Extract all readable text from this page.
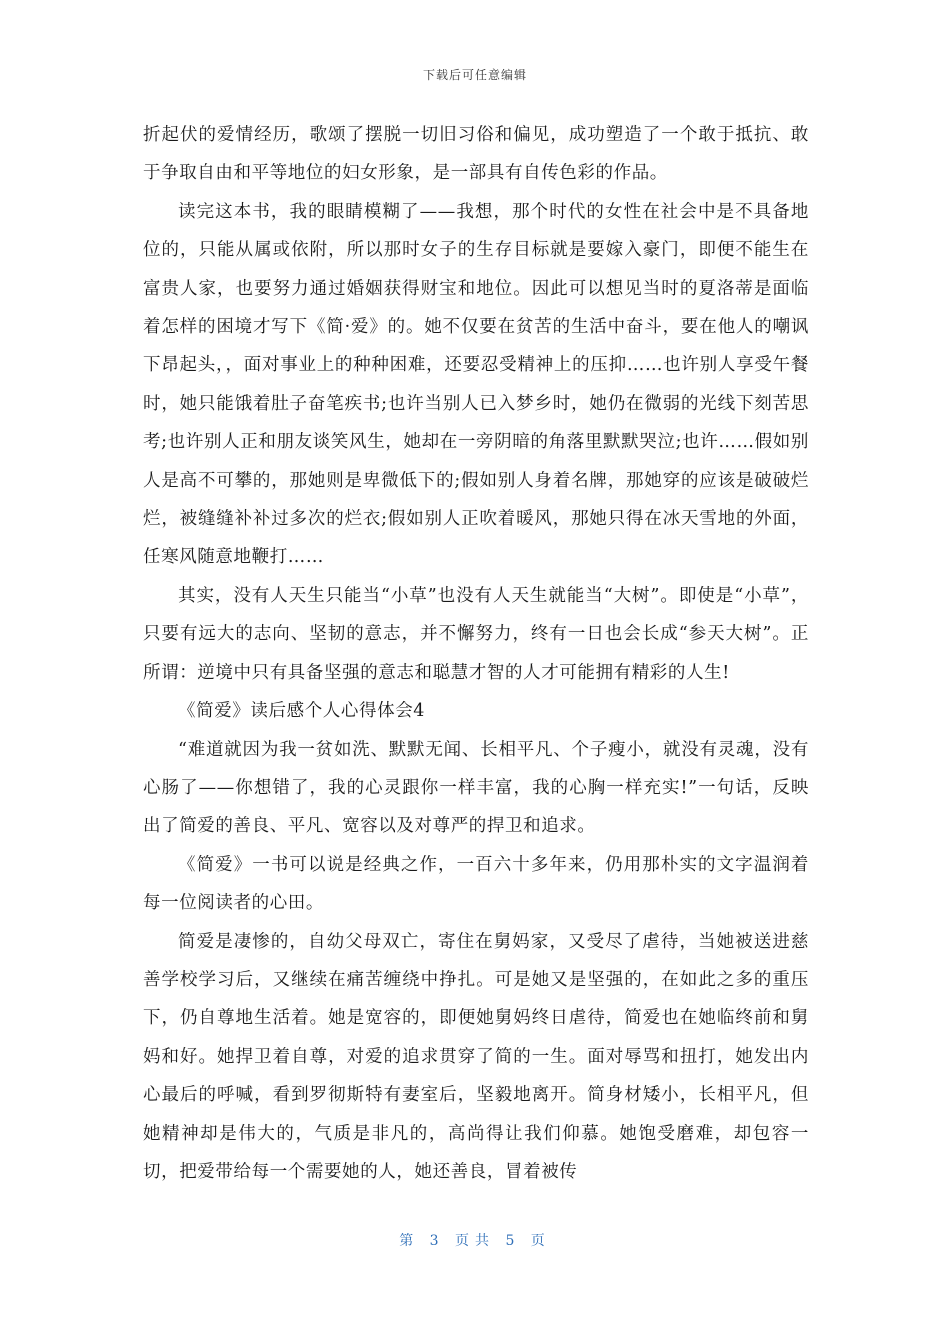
下载后可任意编辑

折起伏的爱情经历，歌颂了摆脱一切旧习俗和偏见，成功塑造了一个敢于抵抗、敢于争取自由和平等地位的妇女形象，是一部具有自传色彩的作品。

读完这本书，我的眼睛模糊了——我想，那个时代的女性在社会中是不具备地位的，只能从属或依附，所以那时女子的生存目标就是要嫁入豪门，即便不能生在富贵人家，也要努力通过婚姻获得财宝和地位。因此可以想见当时的夏洛蒂是面临着怎样的困境才写下《简·爱》的。她不仅要在贫苦的生活中奋斗，要在他人的嘲讽下昂起头，，面对事业上的种种困难，还要忍受精神上的压抑……也许别人享受午餐时，她只能饿着肚子奋笔疾书;也许当别人已入梦乡时，她仍在微弱的光线下刻苦思考;也许别人正和朋友谈笑风生，她却在一旁阴暗的角落里默默哭泣;也许……假如别人是高不可攀的，那她则是卑微低下的;假如别人身着名牌，那她穿的应该是破破烂烂，被缝缝补补过多次的烂衣;假如别人正吹着暖风，那她只得在冰天雪地的外面，任寒风随意地鞭打……

其实，没有人天生只能当“小草”也没有人天生就能当“大树”。即使是“小草”，只要有远大的志向、坚韧的意志，并不懈努力，终有一日也会长成“参天大树”。正所谓：逆境中只有具备坚强的意志和聪慧才智的人才可能拥有精彩的人生!

《简爱》读后感个人心得体会4

“难道就因为我一贫如洗、默默无闻、长相平凡、个子瘦小，就没有灵魂，没有心肠了——你想错了，我的心灵跟你一样丰富，我的心胸一样充实!”一句话，反映出了简爱的善良、平凡、宽容以及对尊严的捍卫和追求。

《简爱》一书可以说是经典之作，一百六十多年来，仍用那朴实的文字温润着每一位阅读者的心田。

简爱是凄惨的，自幼父母双亡，寄住在舅妈家，又受尽了虐待，当她被送进慈善学校学习后，又继续在痛苦缠绕中挣扎。可是她又是坚强的，在如此之多的重压下，仍自尊地生活着。她是宽容的，即便她舅妈终日虐待，简爱也在她临终前和舅妈和好。她捍卫着自尊，对爱的追求贯穿了简的一生。面对辱骂和扭打，她发出内心最后的呼喊，看到罗彻斯特有妻室后，坚毅地离开。简身材矮小，长相平凡，但她精神却是伟大的，气质是非凡的，高尚得让我们仰慕。她饱受磨难，却包容一切，把爱带给每一个需要她的人，她还善良，冒着被传

第 3 页共 5 页
